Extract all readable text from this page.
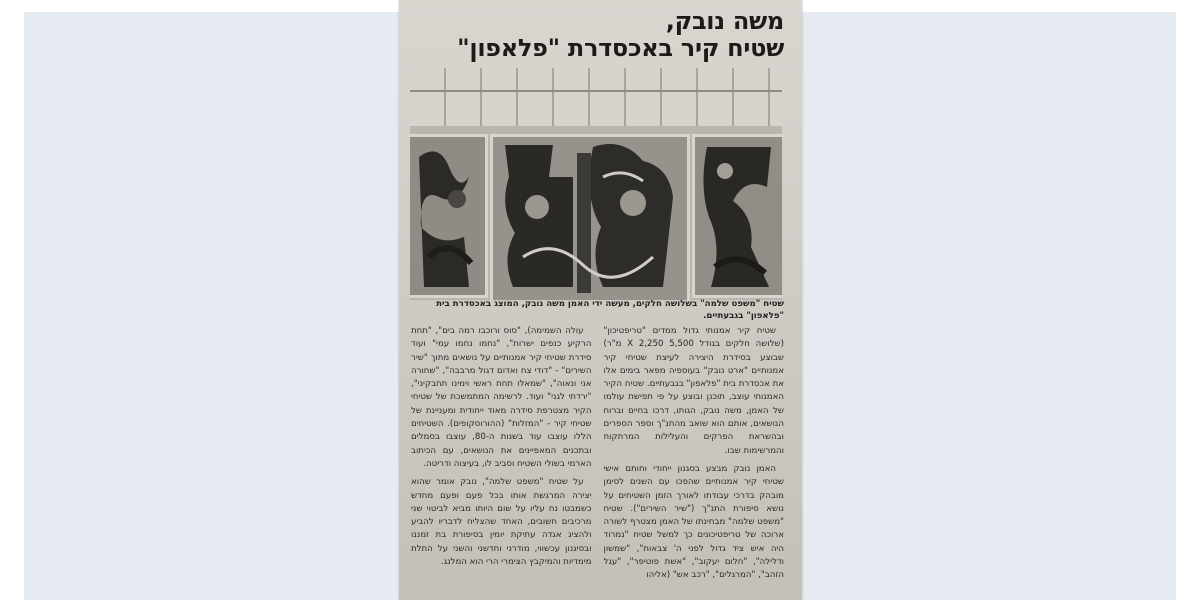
משה נובק,
שטיח קיר באכסדרת "פלאפון"
שטיח "משפט שלמה" בשלושה חלקים, מעשה ידי האמן משה נובק, המוצג באכסדרת בית "פלאפון" בגבעתיים.

שטיח קיר אמנותי גדול ממדים "טריפטיכון" (שלושה חלקים בגודל X 2,250 5,500 מ"ר) שבוצע בסידרת היצירה לעיצת שטיחי קיר אמנותיים "ארט נובק" בעוספיה מפאר בימים אלו את אכסדרת בית "פלאפון" בגבעתיים. שטיח הקיר האמנותי עוצב, תוכנן ובוצע על פי תפישת עולמו של האמן, משה נובק, הגותו, דרכו בחיים וברוח הנושאים, אותם הוא שואב מהתנ"ך וספר הספרים ובהשראת הפרקים והעלילות המרתקות והמרשימות שבו.

האמן נובק מבצע בסגנון ייחודי וחותם אישי שטיחי קיר אמנותיים שהפכו עם השנים לסימן מובהק בדרכי עבודתו לאורך הזמן השטיחים על נושא סיפורת התנ"ך ("שיר השירים"). שטיח "משפט שלמה" מבחינתו של האמן מצטרף לשורה ארוכה של טריפטיכונים כך למשל שטיח "נמרוד היה איש ציד גדול לפני ה' צבאות", "שמשון ודלילה", "חלום יעקוב", "אשת פוטיפר", "עגל הזהב", "המרגלים", "רכב אש" (אליהו

עולה השמימה), "סוס ורוכבו רמה בים", "תחת הרקיע כנפים ישרות", "נחמו נחמו עמי" ועוד סידרת שטיחי קיר אמנותיים על נושאים מתוך "שיר השירים" - "דודי צח ואדום דגול מרבבה", "שחורה אני ונאוה", "שמאלו תחת ראשי וימינו תחבקיני", "ירדתי לגני" ועוד. לרשימה המתמשכת של שטיחי הקיר מצטרפת סידרה מאוד ייחודית ומעניינת של שטיחי קיר - "המזלות" (ההורוסקופים). השטיחים הללו עוצבו עוד בשנות ה-80, עוצבו בסמלים ובתכנים המאפיינים את הנושאים, עם הכיתוב הארמי בשולי השטיח וסביב לו, בעיצוה ודריטה.

על שטיח "משפט שלמה", נובק אומר שהוא יצירה המרגשת אותו בכל פעם ופעם מחדש כשמבטו נח עליו על שום היותו מביא לביטוי שני מרכיבים חשובים, האחד שהצליח לדבריו להביע ולהציג אגדה עתיקת יומין בסיפורת בת זמננו ובסיגנון עכשווי, מודרני וחדשני והשני על התלת מימדיות והמיקבץ הצימרי הרי הוא המלנג.
